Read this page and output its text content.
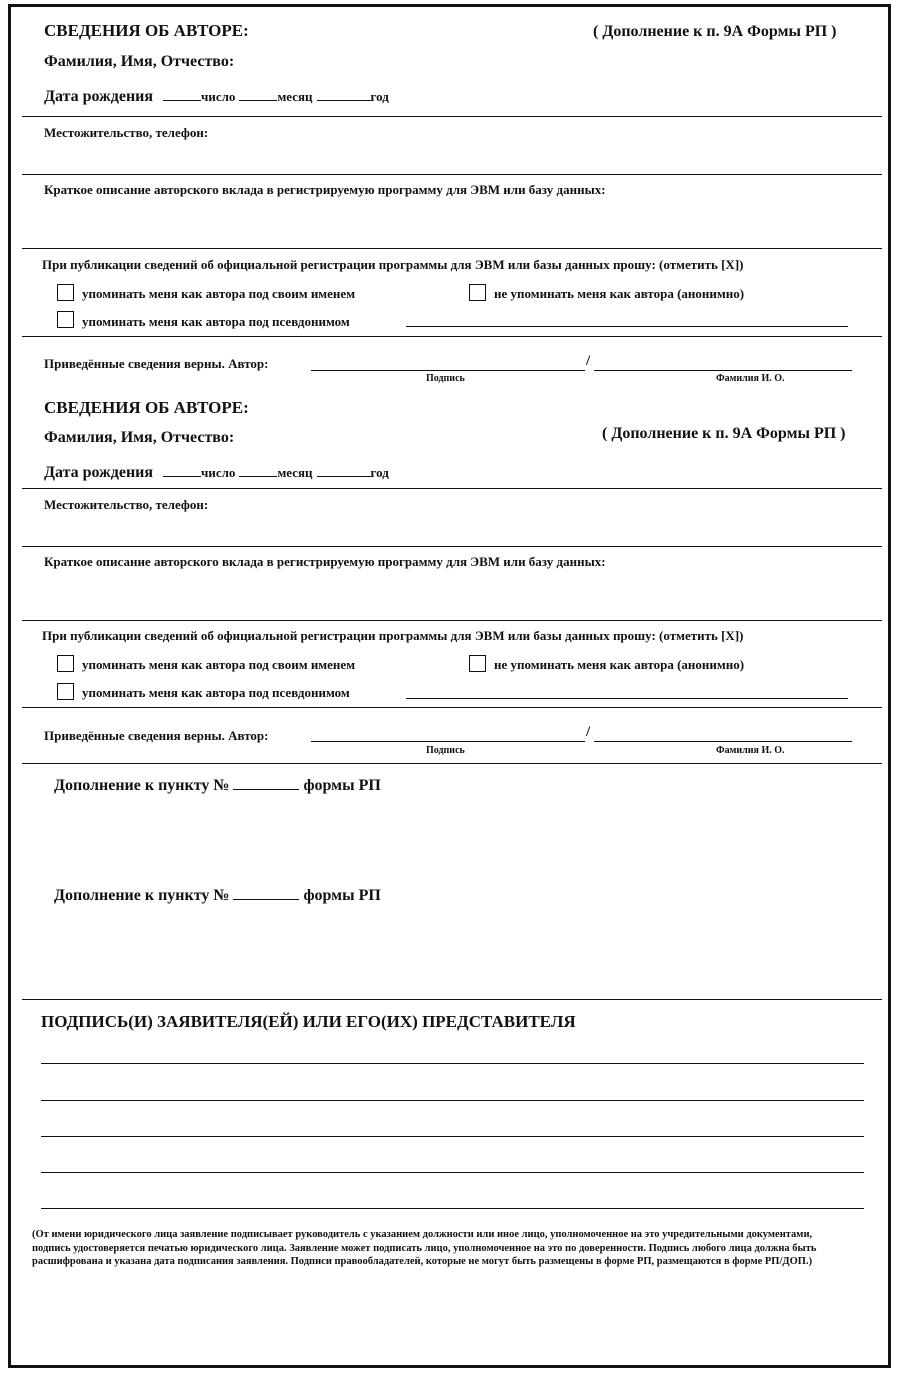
СВЕДЕНИЯ ОБ АВТОРЕ:	( Дополнение к п. 9А Формы РП )
Фамилия, Имя, Отчество:
Дата рождения	число	месяц	год
Местожительство, телефон:
Краткое описание авторского вклада в регистрируемую программу для ЭВМ или базу данных:
При публикации сведений об официальной регистрации программы для ЭВМ или базы данных прошу: (отметить [X])
упоминать меня как автора под своим именем	не упоминать меня как автора (анонимно)
упоминать меня как автора под псевдонимом
Приведённые сведения верны. Автор:	/
Подпись	Фамилия И. О.
СВЕДЕНИЯ ОБ АВТОРЕ:
Фамилия, Имя, Отчество:	( Дополнение к п. 9А Формы РП )
Дата рождения	число	месяц	год
Местожительство, телефон:
Краткое описание авторского вклада в регистрируемую программу для ЭВМ или базу данных:
При публикации сведений об официальной регистрации программы для ЭВМ или базы данных прошу: (отметить [X])
упоминать меня как автора под своим именем	не упоминать меня как автора (анонимно)
упоминать меня как автора под псевдонимом
Приведённые сведения верны. Автор:	/
Подпись	Фамилия И. О.
Дополнение к пункту №	формы РП
Дополнение к пункту №	формы РП
ПОДПИСЬ(И) ЗАЯВИТЕЛЯ(ЕЙ) ИЛИ ЕГО(ИХ) ПРЕДСТАВИТЕЛЯ
(От имени юридического лица заявление подписывает руководитель с указанием должности или иное лицо, уполномоченное на это учредительными документами, подпись удостоверяется печатью юридического лица. Заявление может подписать лицо, уполномоченное на это по доверенности. Подпись любого лица должна быть расшифрована и указана дата подписания заявления. Подписи правообладателей, которые не могут быть размещены в форме РП, размещаются в форме РП/ДОП.)
